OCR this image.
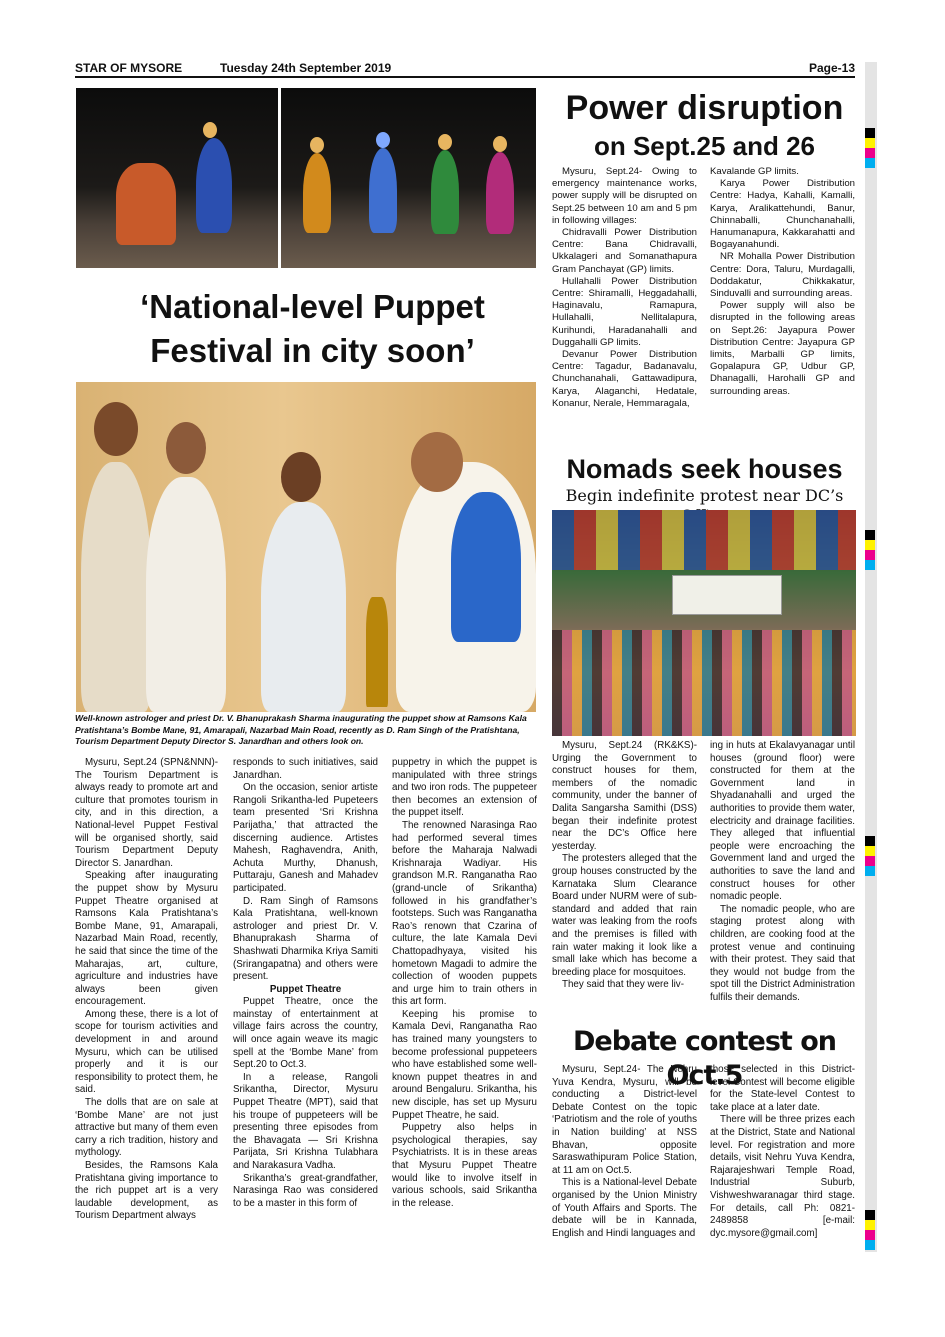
STAR OF MYSORE	Tuesday 24th September 2019	Page-13
‘National-level Puppet
Festival in city soon’
Well-known astrologer and priest Dr. V. Bhanuprakash Sharma inaugurating the puppet show at Ramsons Kala Pratishtana’s Bombe Mane, 91, Amarapali, Nazarbad Main Road, recently as D. Ram Singh of the Pratishtana, Tourism Department Deputy Director S. Janardhan and others look on.

Mysuru, Sept.24 (SPN&NNN)- The Tourism Department is always ready to promote art and culture that promotes tourism in city, and in this direction, a National-level Puppet Festival will be organised shortly, said Tourism Department Deputy Director S. Janardhan.

Speaking after inaugurating the puppet show by Mysuru Puppet Theatre organised at Ramsons Kala Pratishtana’s Bombe Mane, 91, Amarapali, Nazarbad Main Road, recently, he said that since the time of the Maharajas, art, culture, agriculture and industries have always been given encouragement.

Among these, there is a lot of scope for tourism activities and development in and around Mysuru, which can be utilised properly and it is our responsibility to protect them, he said.

The dolls that are on sale at ‘Bombe Mane’ are not just attractive but many of them even carry a rich tradition, history and mythology.

Besides, the Ramsons Kala Pratishtana giving importance to the rich puppet art is a very laudable development, as Tourism Department always

responds to such initiatives, said Janardhan.

On the occasion, senior artiste Rangoli Srikantha-led Pupeteers team presented ‘Sri Krishna Parijatha,’ that attracted the discerning audience. Artistes Mahesh, Raghavendra, Anith, Achuta Murthy, Dhanush, Puttaraju, Ganesh and Mahadev participated.

D. Ram Singh of Ramsons Kala Pratishtana, well-known astrologer and priest Dr. V. Bhanuprakash Sharma of Shashwati Dharmika Kriya Samiti (Srirangapatna) and others were present.

Puppet Theatre

Puppet Theatre, once the mainstay of entertainment at village fairs across the country, will once again weave its magic spell at the ‘Bombe Mane’ from Sept.20 to Oct.3.

In a release, Rangoli Srikantha, Director, Mysuru Puppet Theatre (MPT), said that his troupe of puppeteers will be presenting three episodes from the Bhavagata — Sri Krishna Parijata, Sri Krishna Tulabhara and Narakasura Vadha.

Srikantha’s great-grandfather, Narasinga Rao was considered to be a master in this form of

puppetry in which the puppet is manipulated with three strings and two iron rods. The puppeteer then becomes an extension of the puppet itself.

The renowned Narasinga Rao had performed several times before the Maharaja Nalwadi Krishnaraja Wadiyar. His grandson M.R. Ranganatha Rao (grand-uncle of Srikantha) followed in his grandfather’s footsteps. Such was Ranganatha Rao’s renown that Czarina of culture, the late Kamala Devi Chattopadhyaya, visited his hometown Magadi to admire the collection of wooden puppets and urge him to train others in this art form.

Keeping his promise to Kamala Devi, Ranganatha Rao has trained many youngsters to become professional puppeteers who have established some well-known puppet theatres in and around Bengaluru. Srikantha, his new disciple, has set up Mysuru Puppet Theatre, he said.

Puppetry also helps in psychological therapies, say Psychiatrists. It is in these areas that Mysuru Puppet Theatre would like to involve itself in various schools, said Srikantha in the release.

Power disruption
on Sept.25 and 26

Mysuru, Sept.24- Owing to emergency maintenance works, power supply will be disrupted on Sept.25 between 10 am and 5 pm in following villages:

Chidravalli Power Distribution Centre: Bana Chidravalli, Ukkalageri and Somanathapura Gram Panchayat (GP) limits.

Hullahalli Power Distribution Centre: Shiramalli, Heggadahalli, Haginavalu, Ramapura, Hullahalli, Nellitalapura, Kurihundi, Haradanahalli and Duggahalli GP limits.

Devanur Power Distribution Centre: Tagadur, Badanavalu, Chunchanahali, Gattawadipura, Karya, Alaganchi, Hedatale, Konanur, Nerale, Hemmaragala,

Kavalande GP limits.

Karya Power Distribution Centre: Hadya, Kahalli, Kamalli, Karya, Aralikattehundi, Banur, Chinnaballi, Chunchanahalli, Hanumanapura, Kakkarahatti and Bogayanahundi.

NR Mohalla Power Distribution Centre: Dora, Taluru, Murdagalli, Doddakatur, Chikkakatur, Sinduvalli and surrounding areas.

Power supply will also be disrupted in the following areas on Sept.26: Jayapura Power Distribution Centre: Jayapura GP limits, Marballi GP limits, Gopalapura GP, Udbur GP, Dhanagalli, Harohalli GP and surrounding areas.

Nomads seek houses
Begin indefinite protest near DC’s

Mysuru, Sept.24 (RK&KS)- Urging the Government to construct houses for them, members of the nomadic community, under the banner of Dalita Sangarsha Samithi (DSS) began their indefinite protest near the DC’s Office here yesterday.

The protesters alleged that the group houses constructed by the Karnataka Slum Clearance Board under NURM were of sub-standard and added that rain water was leaking from the roofs and the premises is filled with rain water making it look like a small lake which has become a breeding place for mosquitoes.

They said that they were liv-

ing in huts at Ekalavyanagar until houses (ground floor) were constructed for them at the Government land in Shyadanahalli and urged the authorities to provide them water, electricity and drainage facilities. They alleged that influential people were encroaching the Government land and urged the authorities to save the land and construct houses for other nomadic people.

The nomadic people, who are staging protest along with children, are cooking food at the protest venue and continuing with their protest. They said that they would not budge from the spot till the District Administration fulfils their demands.

Debate contest on Oct.5

Mysuru, Sept.24- The Nehru Yuva Kendra, Mysuru, will be conducting a District-level Debate Contest on the topic ‘Patriotism and the role of youths in Nation building’ at NSS Bhavan, opposite Saraswathipuram Police Station, at 11 am on Oct.5.

This is a National-level Debate organised by the Union Ministry of Youth Affairs and Sports. The debate will be in Kannada, English and Hindi languages and

those selected in this District-level Contest will become eligible for the State-level Contest to take place at a later date.

There will be three prizes each at the District, State and National level. For registration and more details, visit Nehru Yuva Kendra, Rajarajeshwari Temple Road, Industrial Suburb, Vishweshwaranagar third stage. For details, call Ph: 0821-2489858 [e-mail: dyc.mysore@gmail.com]
